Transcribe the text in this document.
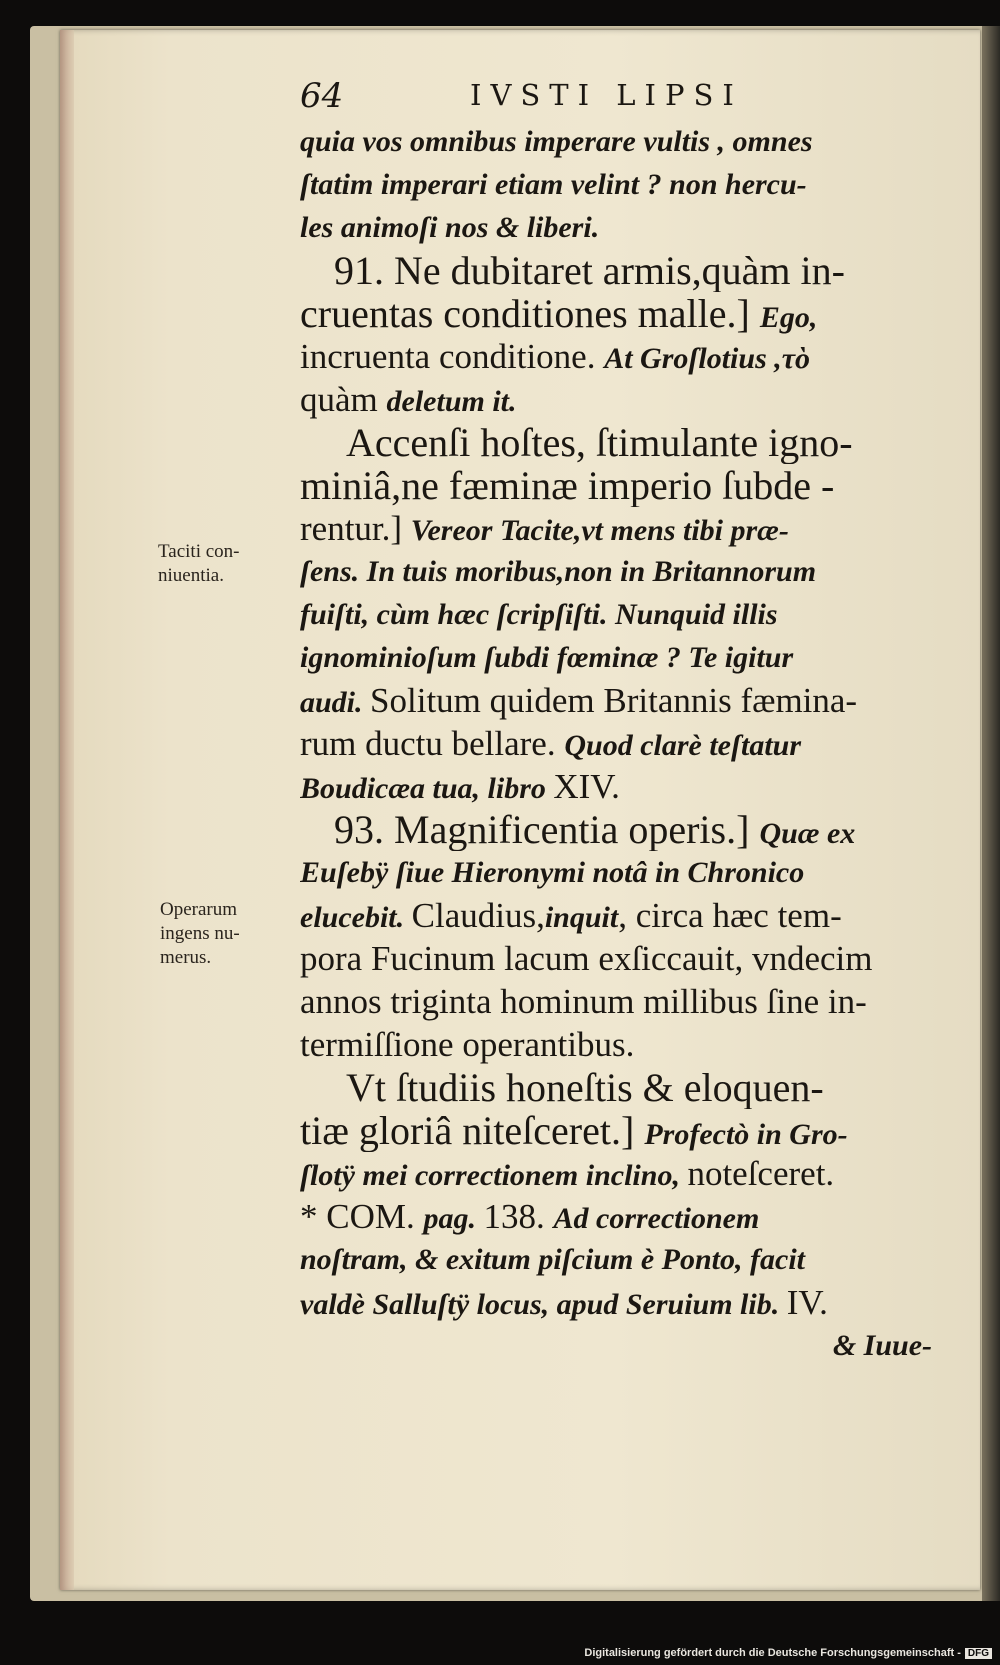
64	IVSTI LIPSI
Taciti con-
niuentia.
Operarum
ingens nu-
merus.
quia vos omnibus imperare vultis , omnes
ſtatim imperari etiam velint ? non hercu-
les animoſi nos & liberi.
91. Ne dubitaret armis,quàm in-
cruentas conditiones malle.] Ego,
incruenta conditione. At Groſlotius ,τὸ
quàm deletum it.
Accenſi hoſtes, ſtimulante igno-
miniâ,ne fæminæ imperio ſubde -
rentur.] Vereor Tacite,vt mens tibi præ-
ſens. In tuis moribus,non in Britannorum
fuiſti, cùm hæc ſcripſiſti. Nunquid illis
ignominioſum ſubdi fœminæ ? Te igitur
audi. Solitum quidem Britannis fæmina-
rum ductu bellare. Quod clarè teſtatur
Boudicæa tua, libro XIV.
93. Magnificentia operis.] Quæ ex
Euſebÿ ſiue Hieronymi notâ in Chronico
elucebit. Claudius,inquit, circa hæc tem-
pora Fucinum lacum exſiccauit, vndecim
annos triginta hominum millibus ſine in-
termiſſione operantibus.
Vt ſtudiis honeſtis & eloquen-
tiæ gloriâ niteſceret.] Profectò in Gro-
ſlotÿ mei correctionem inclino, noteſceret.
* COM. pag. 138. Ad correctionem
noſtram, & exitum piſcium è Ponto, facit
valdè Salluſtÿ locus, apud Seruium lib. IV.
& Iuue-
Digitalisierung gefördert durch die Deutsche Forschungsgemeinschaft - DFG
